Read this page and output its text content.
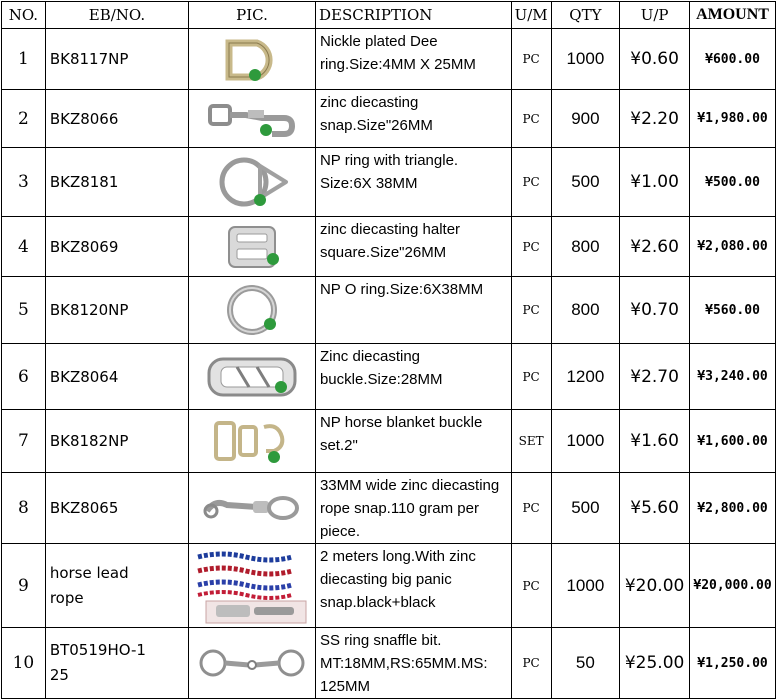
NO.	EB/NO.	PIC.	DESCRIPTION	U/M	QTY	U/P	AMOUNT
1	BK8117NP		Nickle plated Dee ring.Size:4MM X 25MM	PC	1000	¥0.60	¥600.00
2	BKZ8066		zinc diecasting snap.Size"26MM	PC	900	¥2.20	¥1,980.00
3	BKZ8181		NP ring with triangle. Size:6X 38MM	PC	500	¥1.00	¥500.00
4	BKZ8069		zinc diecasting halter square.Size"26MM	PC	800	¥2.60	¥2,080.00
5	BK8120NP		NP O ring.Size:6X38MM	PC	800	¥0.70	¥560.00
6	BKZ8064		Zinc diecasting buckle.Size:28MM	PC	1200	¥2.70	¥3,240.00
7	BK8182NP		NP horse blanket buckle set.2"	SET	1000	¥1.60	¥1,600.00
8	BKZ8065		33MM wide zinc diecasting rope snap.110 gram per piece.	PC	500	¥5.60	¥2,800.00
9	horse lead rope		2 meters long.With zinc diecasting big panic snap.black+black	PC	1000	¥20.00	¥20,000.00
10	BT0519HO-125		SS ring snaffle bit. MT:18MM,RS:65MM.MS: 125MM	PC	50	¥25.00	¥1,250.00
